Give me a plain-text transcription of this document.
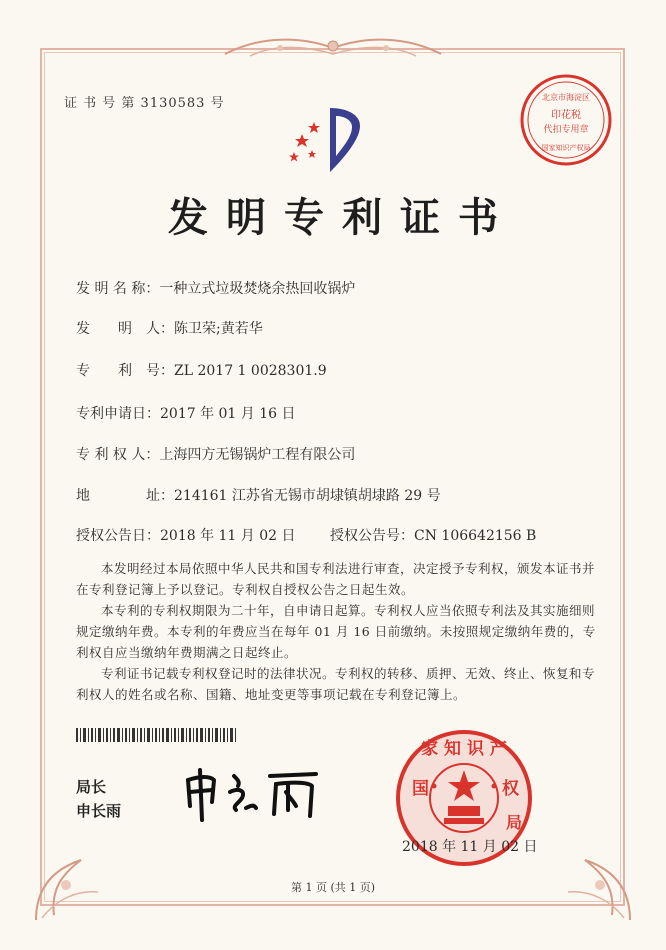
证 书 号 第 3130583 号	北京市海淀区
印花税
代扣专用章
国家知识产权局
发明专利证书
发 明 名 称：一种立式垃圾焚烧余热回收锅炉
发　　明　人：陈卫荣;黄若华
专　　利　号：ZL 2017 1 0028301.9
专利申请日：2017 年 01 月 16 日
专 利 权 人：上海四方无锡锅炉工程有限公司
地　　　　址：214161 江苏省无锡市胡埭镇胡埭路 29 号
授权公告日：2018 年 11 月 02 日 授权公告号：CN 106642156 B

本发明经过本局依照中华人民共和国专利法进行审查，决定授予专利权，颁发本证书并在专利登记簿上予以登记。专利权自授权公告之日起生效。

本专利的专利权期限为二十年，自申请日起算。专利权人应当依照专利法及其实施细则规定缴纳年费。本专利的年费应当在每年 01 月 16 日前缴纳。未按照规定缴纳年费的，专利权自应当缴纳年费期满之日起终止。

专利证书记载专利权登记时的法律状况。专利权的转移、质押、无效、终止、恢复和专利权人的姓名或名称、国籍、地址变更等事项记载在专利登记簿上。

局长
申长雨
家 知 识 产
国	权
局
2018 年 11 月 02 日
第 1 页 (共 1 页)
